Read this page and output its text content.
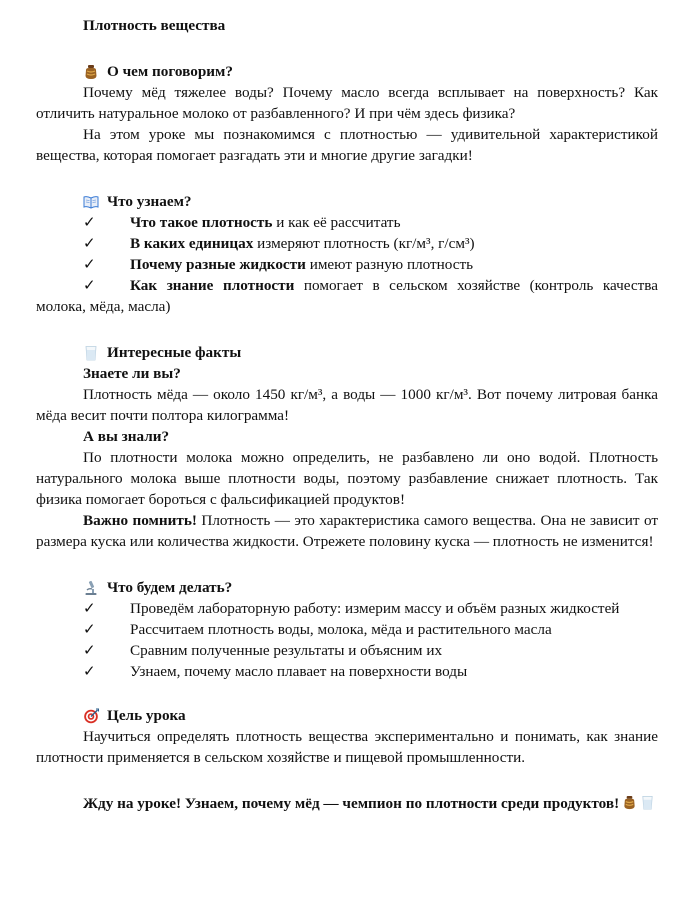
Плотность вещества

О чем поговорим?

Почему мёд тяжелее воды? Почему масло всегда всплывает на поверхность? Как отличить натуральное молоко от разбавленного? И при чём здесь физика?

На этом уроке мы познакомимся с плотностью — удивительной характеристикой вещества, которая помогает разгадать эти и многие другие загадки!

Что узнаем?

✓ Что такое плотность и как её рассчитать
✓ В каких единицах измеряют плотность (кг/м³, г/см³)
✓ Почему разные жидкости имеют разную плотность
✓ Как знание плотности помогает в сельском хозяйстве (контроль качества молока, мёда, масла)

Интересные факты

Знаете ли вы?

Плотность мёда — около 1450 кг/м³, а воды — 1000 кг/м³. Вот почему литровая банка мёда весит почти полтора килограмма!

А вы знали?

По плотности молока можно определить, не разбавлено ли оно водой. Плотность натурального молока выше плотности воды, поэтому разбавление снижает плотность. Так физика помогает бороться с фальсификацией продуктов!

Важно помнить! Плотность — это характеристика самого вещества. Она не зависит от размера куска или количества жидкости. Отрежете половину куска — плотность не изменится!

Что будем делать?

✓ Проведём лабораторную работу: измерим массу и объём разных жидкостей
✓ Рассчитаем плотность воды, молока, мёда и растительного масла
✓ Сравним полученные результаты и объясним их
✓ Узнаем, почему масло плавает на поверхности воды

Цель урока

Научиться определять плотность вещества экспериментально и понимать, как знание плотности применяется в сельском хозяйстве и пищевой промышленности.

Жду на уроке! Узнаем, почему мёд — чемпион по плотности среди продуктов!
